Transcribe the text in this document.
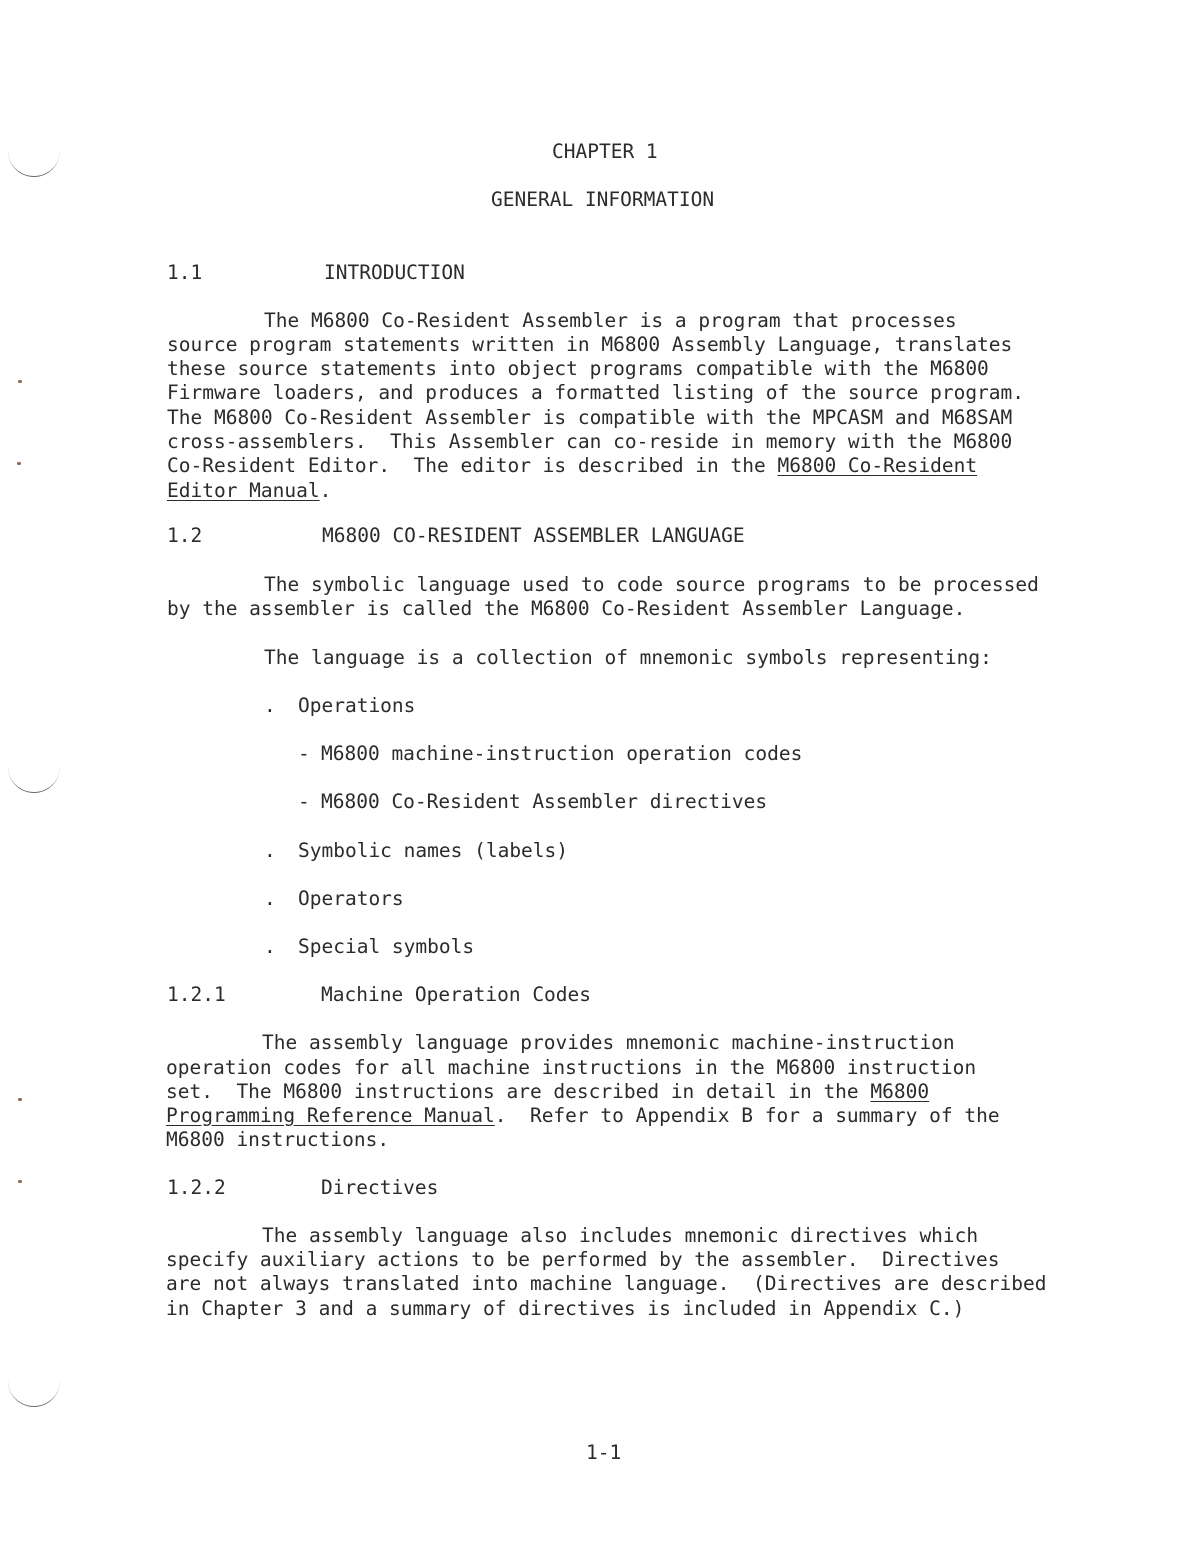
CHAPTER 1
GENERAL INFORMATION
1.1	INTRODUCTION
The M6800 Co-Resident Assembler is a program that processes
source program statements written in M6800 Assembly Language, translates
these source statements into object programs compatible with the M6800
Firmware loaders, and produces a formatted listing of the source program.
The M6800 Co-Resident Assembler is compatible with the MPCASM and M68SAM
cross-assemblers.  This Assembler can co-reside in memory with the M6800
Co-Resident Editor.  The editor is described in the M6800 Co-Resident
Editor Manual.
1.2	M6800 CO-RESIDENT ASSEMBLER LANGUAGE
The symbolic language used to code source programs to be processed
by the assembler is called the M6800 Co-Resident Assembler Language.
The language is a collection of mnemonic symbols representing:
. Operations
- M6800 machine-instruction operation codes
- M6800 Co-Resident Assembler directives
. Symbolic names (labels)
. Operators
. Special symbols
1.2.1	Machine Operation Codes
The assembly language provides mnemonic machine-instruction
operation codes for all machine instructions in the M6800 instruction
set.  The M6800 instructions are described in detail in the M6800
Programming Reference Manual.  Refer to Appendix B for a summary of the
M6800 instructions.
1.2.2	Directives
The assembly language also includes mnemonic directives which
specify auxiliary actions to be performed by the assembler.  Directives
are not always translated into machine language.  (Directives are described
in Chapter 3 and a summary of directives is included in Appendix C.)
1-1
